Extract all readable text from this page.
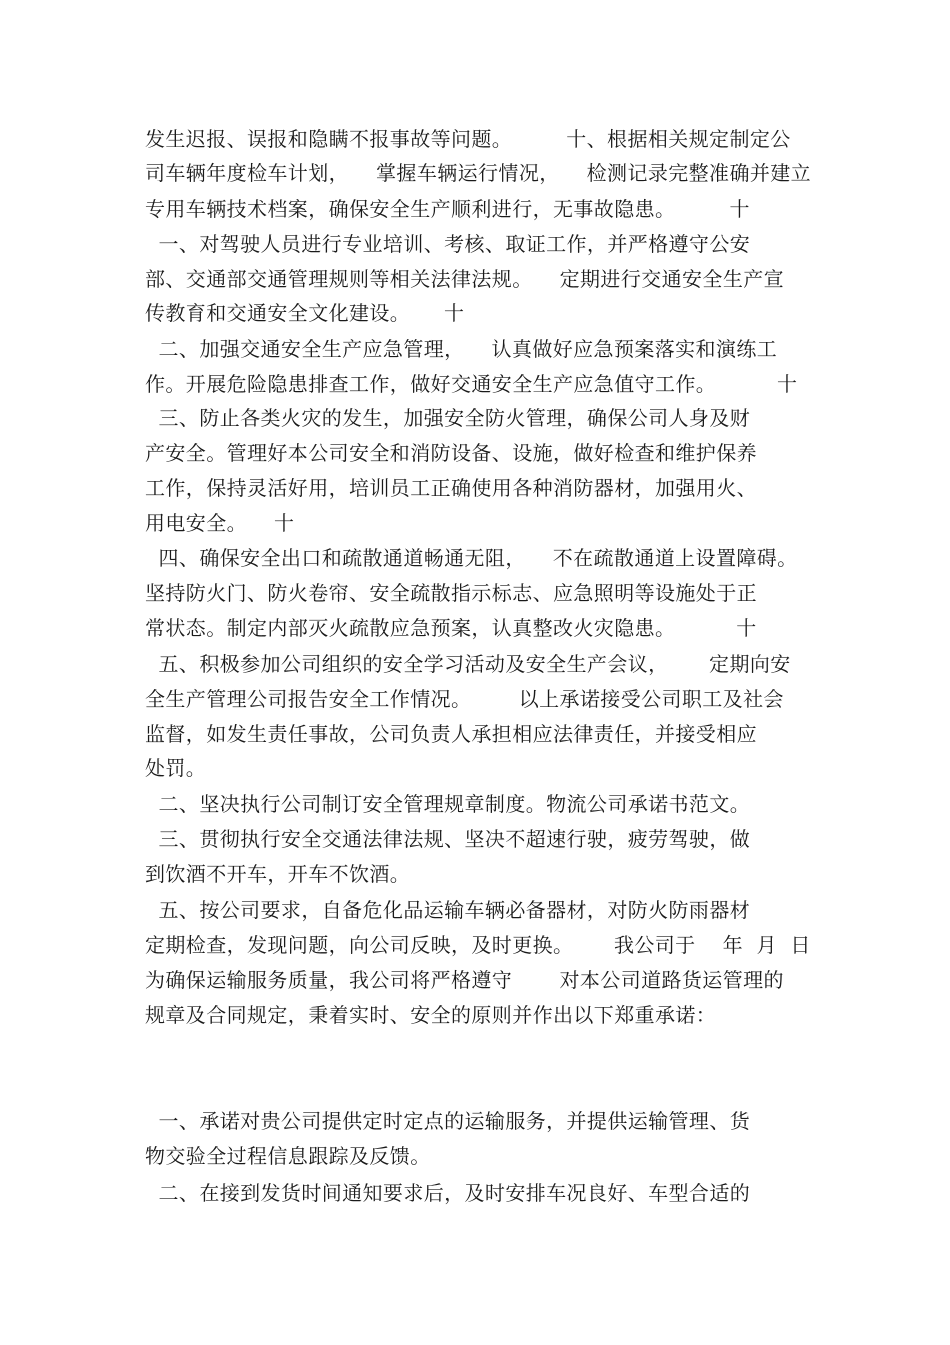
发生迟报、误报和隐瞒不报事故等问题。        十、根据相关规定制定公
司车辆年度检车计划，    掌握车辆运行情况，    检测记录完整准确并建立
专用车辆技术档案，确保安全生产顺利进行，无事故隐患。        十
一、对驾驶人员进行专业培训、考核、取证工作，并严格遵守公安
部、交通部交通管理规则等相关法律法规。    定期进行交通安全生产宣
传教育和交通安全文化建设。     十
二、加强交通安全生产应急管理，    认真做好应急预案落实和演练工
作。开展危险隐患排查工作，做好交通安全生产应急值守工作。         十
三、防止各类火灾的发生，加强安全防火管理，确保公司人身及财
产安全。管理好本公司安全和消防设备、设施，做好检查和维护保养
工作，保持灵活好用，培训员工正确使用各种消防器材，加强用火、
用电安全。    十
四、确保安全出口和疏散通道畅通无阻，    不在疏散通道上设置障碍。
坚持防火门、防火卷帘、安全疏散指示标志、应急照明等设施处于正
常状态。制定内部灭火疏散应急预案，认真整改火灾隐患。         十
五、积极参加公司组织的安全学习活动及安全生产会议，      定期向安
全生产管理公司报告安全工作情况。       以上承诺接受公司职工及社会
监督，如发生责任事故，公司负责人承担相应法律责任，并接受相应
处罚。
二、坚决执行公司制订安全管理规章制度。物流公司承诺书范文。
三、贯彻执行安全交通法律法规、坚决不超速行驶，疲劳驾驶，做
到饮酒不开车，开车不饮酒。
五、按公司要求，自备危化品运输车辆必备器材，对防火防雨器材
定期检查，发现问题，向公司反映，及时更换。      我公司于    年  月  日
为确保运输服务质量，我公司将严格遵守       对本公司道路货运管理的
规章及合同规定，秉着实时、安全的原则并作出以下郑重承诺：
一、承诺对贵公司提供定时定点的运输服务，并提供运输管理、货
物交验全过程信息跟踪及反馈。
二、在接到发货时间通知要求后，及时安排车况良好、车型合适的
